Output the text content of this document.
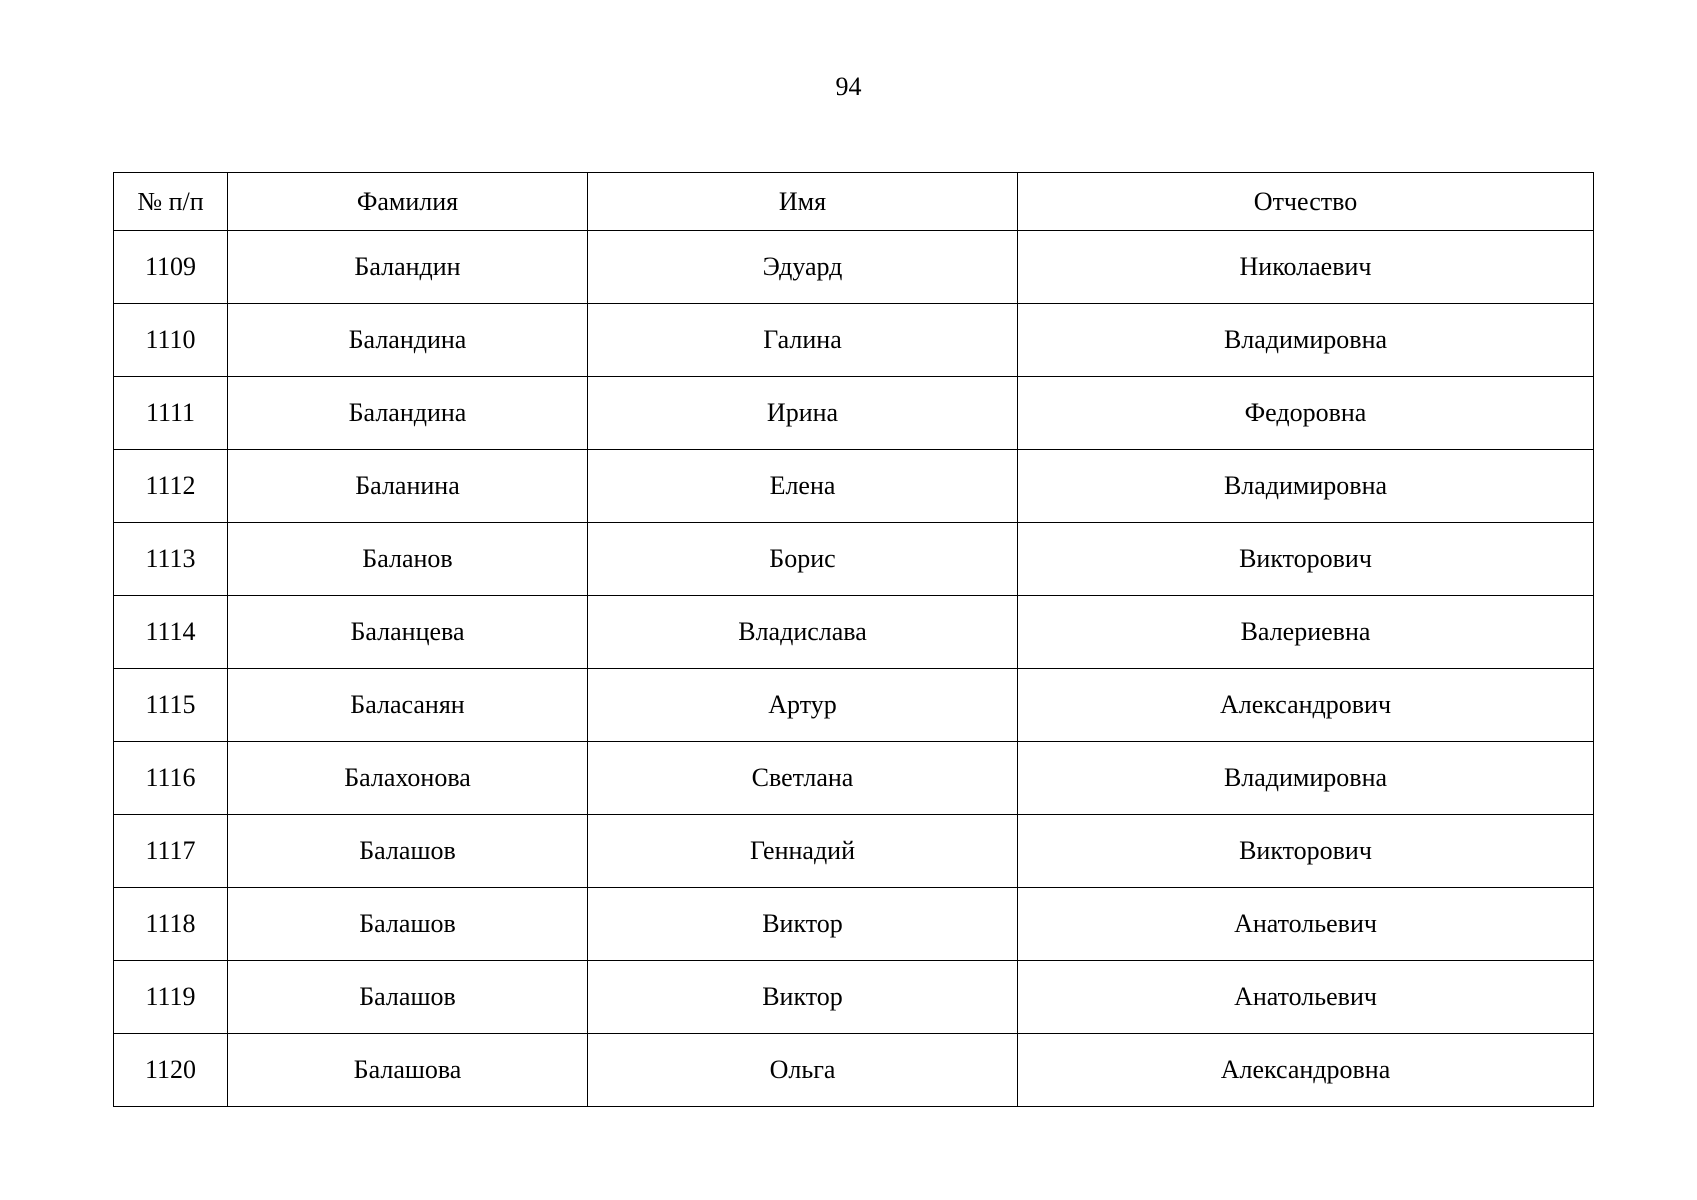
94
№ п/п	Фамилия	Имя	Отчество
1109	Баландин	Эдуард	Николаевич
1110	Баландина	Галина	Владимировна
1111	Баландина	Ирина	Федоровна
1112	Баланина	Елена	Владимировна
1113	Баланов	Борис	Викторович
1114	Баланцева	Владислава	Валериевна
1115	Баласанян	Артур	Александрович
1116	Балахонова	Светлана	Владимировна
1117	Балашов	Геннадий	Викторович
1118	Балашов	Виктор	Анатольевич
1119	Балашов	Виктор	Анатольевич
1120	Балашова	Ольга	Александровна
